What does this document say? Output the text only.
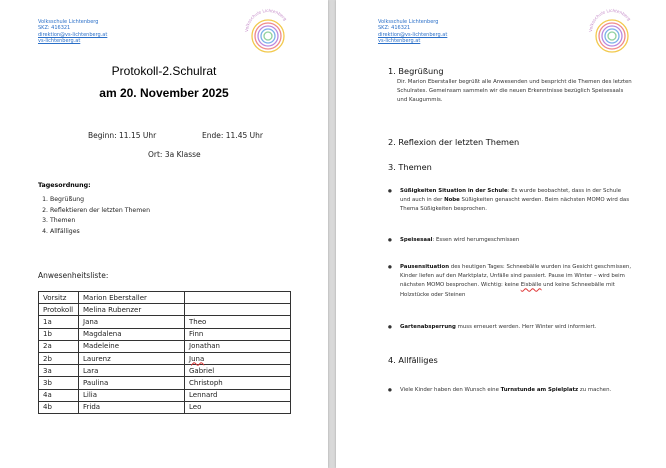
Volksschule Lichtenberg
SKZ: 416321
direktion@vs-lichtenberg.at
vs-lichtenberg.at
Volksschule Lichtenberg
Protokoll-2.Schulrat
am 20. November 2025
Beginn: 11.15 Uhr	Ende: 11.45 Uhr
Ort: 3a Klasse
Tagesordnung:
1. Begrüßung
2. Reflektieren der letzten Themen
3. Themen
4. Allfälliges
Anwesenheitsliste:
Vorsitz	Marion Eberstaller	
Protokoll	Melina Rubenzer	
1a	Jana	Theo
1b	Magdalena	Finn
2a	Madeleine	Jonathan
2b	Laurenz	Juna
3a	Lara	Gabriel
3b	Paulina	Christoph
4a	Lilia	Lennard
4b	Frida	Leo
Volksschule Lichtenberg
SKZ: 416321
direktion@vs-lichtenberg.at
vs-lichtenberg.at
Volksschule Lichtenberg
1. Begrüßung
Dir. Marion Eberstaller begrüßt alle Anwesenden und bespricht die Themen des letzten Schulrates. Gemeinsam sammeln wir die neuen Erkenntnisse bezüglich Speisesaals und Kaugummis.
2. Reflexion der letzten Themen
3. Themen
● Süßigkeiten Situation in der Schule: Es wurde beobachtet, dass in der Schule und auch in der Nobe Süßigkeiten genascht werden. Beim nächsten MOMO wird das Thema Süßigkeiten besprochen.
● Speisesaal: Essen wird herumgeschmissen
● Pausensituation des heutigen Tages: Schneebälle wurden ins Gesicht geschmissen, Kinder liefen auf den Marktplatz, Unfälle sind passiert. Pause im Winter – wird beim nächsten MOMO besprochen. Wichtig: keine Eisbälle und keine Schneebälle mit Holzstücke oder Steinen
● Gartenabsperrung muss erneuert werden. Herr Winter wird informiert.
4. Allfälliges
● Viele Kinder haben den Wunsch eine Turnstunde am Spielplatz zu machen.
